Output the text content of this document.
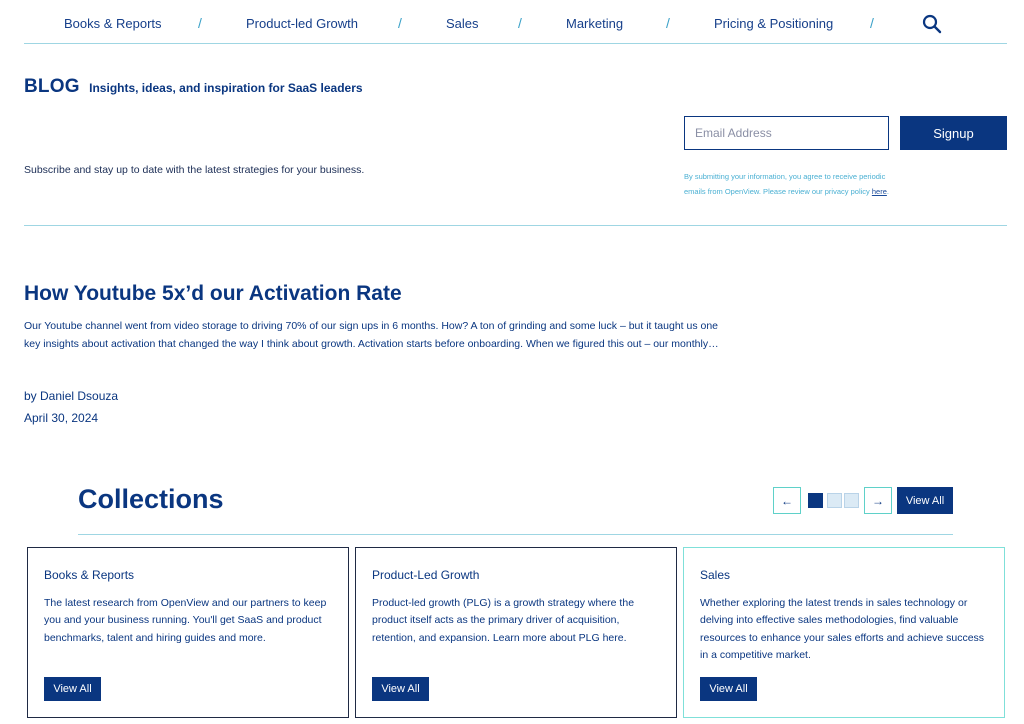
Books & Reports	/	Product-led Growth	/	Sales	/	Marketing	/	Pricing & Positioning	/
BLOG Insights, ideas, and inspiration for SaaS leaders

Subscribe and stay up to date with the latest strategies for your business.

Email Address
Signup

By submitting your information, you agree to receive periodic emails from OpenView. Please review our privacy policy here.

How Youtube 5x’d our Activation Rate

Our Youtube channel went from video storage to driving 70% of our sign ups in 6 months. How? A ton of grinding and some luck – but it taught us one key insights about activation that changed the way I think about growth. Activation starts before onboarding. When we figured this out – our monthly…

by Daniel Dsouza

April 30, 2024

Collections	←	→	View All
Books & Reports

The latest research from OpenView and our partners to keep you and your business running. You'll get SaaS and product benchmarks, talent and hiring guides and more.

View All
Product-Led Growth

Product-led growth (PLG) is a growth strategy where the product itself acts as the primary driver of acquisition, retention, and expansion. Learn more about PLG here.

View All
Sales

Whether exploring the latest trends in sales technology or delving into effective sales methodologies, find valuable resources to enhance your sales efforts and achieve success in a competitive market.

View All
